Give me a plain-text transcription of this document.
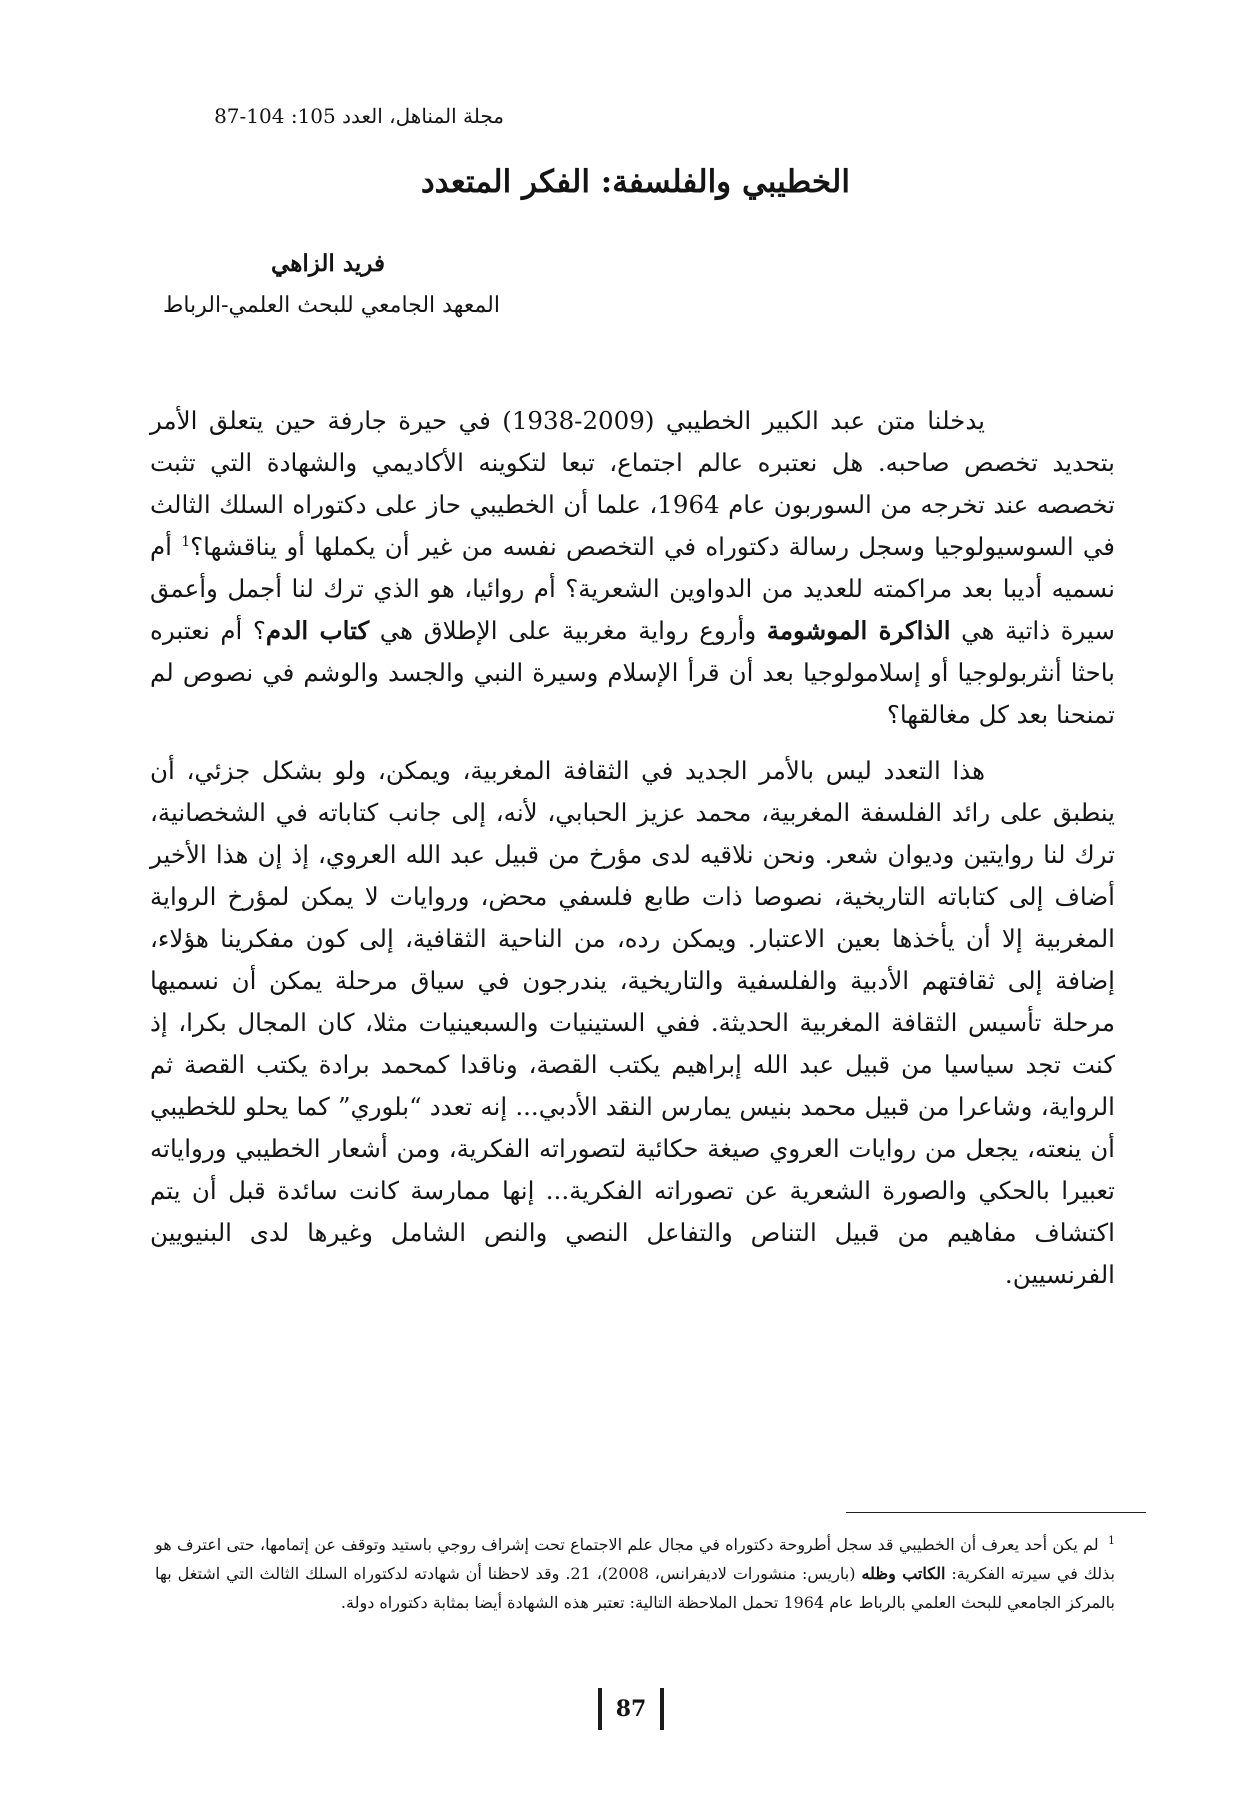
مجلة المناهل، العدد 105: 87-104
الخطيبي والفلسفة: الفكر المتعدد
فريد الزاهي
المعهد الجامعي للبحث العلمي-الرباط

يدخلنا متن عبد الكبير الخطيبي (1938-2009) في حيرة جارفة حين يتعلق الأمر بتحديد تخصص صاحبه. هل نعتبره عالم اجتماع، تبعا لتكوينه الأكاديمي والشهادة التي تثبت تخصصه عند تخرجه من السوربون عام 1964، علما أن الخطيبي حاز على دكتوراه السلك الثالث في السوسيولوجيا وسجل رسالة دكتوراه في التخصص نفسه من غير أن يكملها أو يناقشها؟$^1$ أم نسميه أديبا بعد مراكمته للعديد من الدواوين الشعرية؟ أم روائيا، هو الذي ترك لنا أجمل وأعمق سيرة ذاتية هي الذاكرة الموشومة وأروع رواية مغربية على الإطلاق هي كتاب الدم؟ أم نعتبره باحثا أنثربولوجيا أو إسلامولوجيا بعد أن قرأ الإسلام وسيرة النبي والجسد والوشم في نصوص لم تمنحنا بعد كل مغالقها؟

هذا التعدد ليس بالأمر الجديد في الثقافة المغربية، ويمكن، ولو بشكل جزئي، أن ينطبق على رائد الفلسفة المغربية، محمد عزيز الحبابي، لأنه، إلى جانب كتاباته في الشخصانية، ترك لنا روايتين وديوان شعر. ونحن نلاقيه لدى مؤرخ من قبيل عبد الله العروي، إذ إن هذا الأخير أضاف إلى كتاباته التاريخية، نصوصا ذات طابع فلسفي محض، وروايات لا يمكن لمؤرخ الرواية المغربية إلا أن يأخذها بعين الاعتبار. ويمكن رده، من الناحية الثقافية، إلى كون مفكرينا هؤلاء، إضافة إلى ثقافتهم الأدبية والفلسفية والتاريخية، يندرجون في سياق مرحلة يمكن أن نسميها مرحلة تأسيس الثقافة المغربية الحديثة. ففي الستينيات والسبعينيات مثلا، كان المجال بكرا، إذ كنت تجد سياسيا من قبيل عبد الله إبراهيم يكتب القصة، وناقدا كمحمد برادة يكتب القصة ثم الرواية، وشاعرا من قبيل محمد بنيس يمارس النقد الأدبي... إنه تعدد “بلوري” كما يحلو للخطيبي أن ينعته، يجعل من روايات العروي صيغة حكائية لتصوراته الفكرية، ومن أشعار الخطيبي ورواياته تعبيرا بالحكي والصورة الشعرية عن تصوراته الفكرية... إنها ممارسة كانت سائدة قبل أن يتم اكتشاف مفاهيم من قبيل التناص والتفاعل النصي والنص الشامل وغيرها لدى البنيويين الفرنسيين.

$^1$ لم يكن أحد يعرف أن الخطيبي قد سجل أطروحة دكتوراه في مجال علم الاجتماع تحت إشراف روجي باستيد وتوقف عن إتمامها، حتى اعترف هو بذلك في سيرته الفكرية: الكاتب وظله (باريس: منشورات لاديفرانس، 2008)، 21. وقد لاحظنا أن شهادته لدكتوراه السلك الثالث التي اشتغل بها بالمركز الجامعي للبحث العلمي بالرباط عام 1964 تحمل الملاحظة التالية: تعتبر هذه الشهادة أيضا بمثابة دكتوراه دولة.
87
